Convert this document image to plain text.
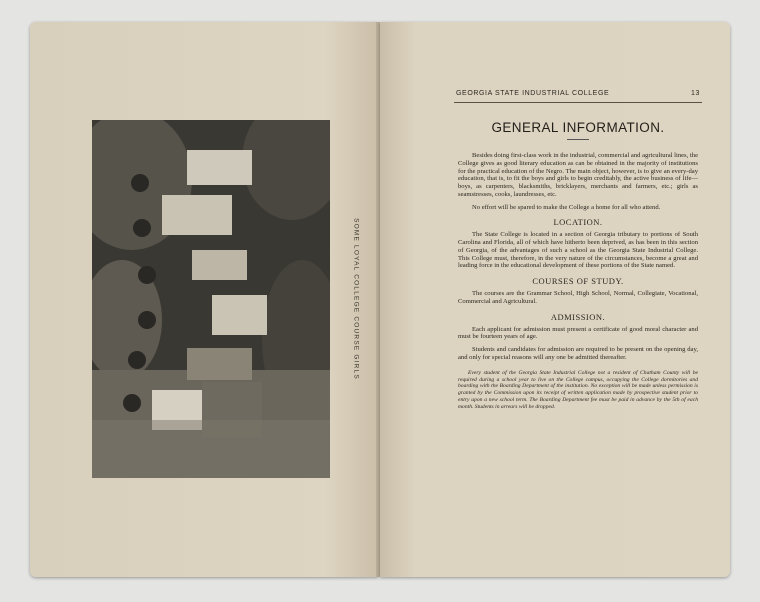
SOME LOYAL COLLEGE COURSE GIRLS
GEORGIA STATE INDUSTRIAL COLLEGE	13
GENERAL INFORMATION.

Besides doing first-class work in the industrial, commercial and agricultural lines, the College gives as good literary education as can be obtained in the majority of institutions for the practical education of the Negro. The main object, however, is to give an every-day education, that is, to fit the boys and girls to begin creditably, the active business of life—boys, as carpenters, blacksmiths, bricklayers, merchants and farmers, etc.; girls as seamstresses, cooks, laundresses, etc.

No effort will be spared to make the College a home for all who attend.

LOCATION.

The State College is located in a section of Georgia tributary to portions of South Carolina and Florida, all of which have hitherto been deprived, as has been in this section of Georgia, of the advantages of such a school as the Georgia State Industrial College. This College must, therefore, in the very nature of the circumstances, become a great and leading force in the educational development of these portions of the State named.

COURSES OF STUDY.

The courses are the Grammar School, High School, Normal, Collegiate, Vocational, Commercial and Agricultural.

ADMISSION.

Each applicant for admission must present a certificate of good moral character and must be fourteen years of age.

Students and candidates for admission are required to be present on the opening day, and only for special reasons will any one be admitted thereafter.

Every student of the Georgia State Industrial College not a resident of Chatham County will be required during a school year to live on the College campus, occupying the College dormitories and boarding with the Boarding Department of the institution. No exception will be made unless permission is granted by the Commission upon its receipt of written application made by prospective student prior to entry upon a new school term. The Boarding Department fee must be paid in advance by the 5th of each month. Students in arrears will be dropped.
